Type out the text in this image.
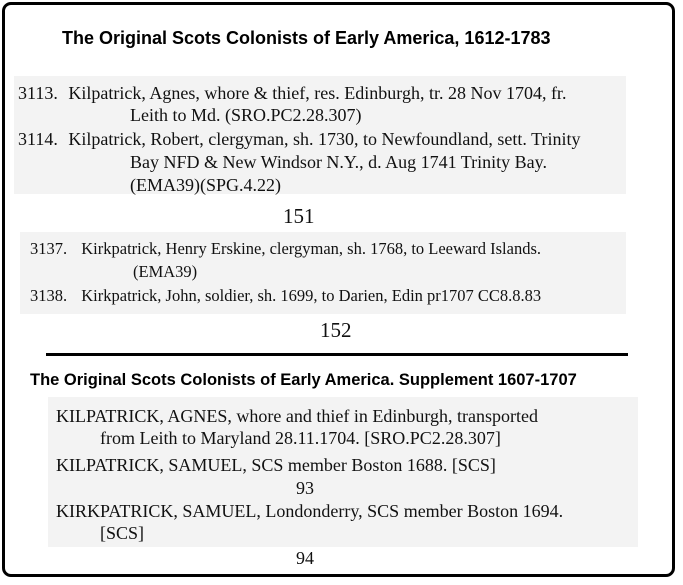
The Original Scots Colonists of Early America, 1612-1783
3113. Kilpatrick, Agnes, whore & thief, res. Edinburgh, tr. 28 Nov 1704, fr.
Leith to Md. (SRO.PC2.28.307)
3114. Kilpatrick, Robert, clergyman, sh. 1730, to Newfoundland, sett. Trinity
Bay NFD & New Windsor N.Y., d. Aug 1741 Trinity Bay.
(EMA39)(SPG.4.22)
151
3137. Kirkpatrick, Henry Erskine, clergyman, sh. 1768, to Leeward Islands.
(EMA39)
3138. Kirkpatrick, John, soldier, sh. 1699, to Darien, Edin pr1707 CC8.8.83
152
The Original Scots Colonists of Early America. Supplement 1607-1707
KILPATRICK, AGNES, whore and thief in Edinburgh, transported
from Leith to Maryland 28.11.1704. [SRO.PC2.28.307]
KILPATRICK, SAMUEL, SCS member Boston 1688. [SCS]
93
KIRKPATRICK, SAMUEL, Londonderry, SCS member Boston 1694.
[SCS]
94
